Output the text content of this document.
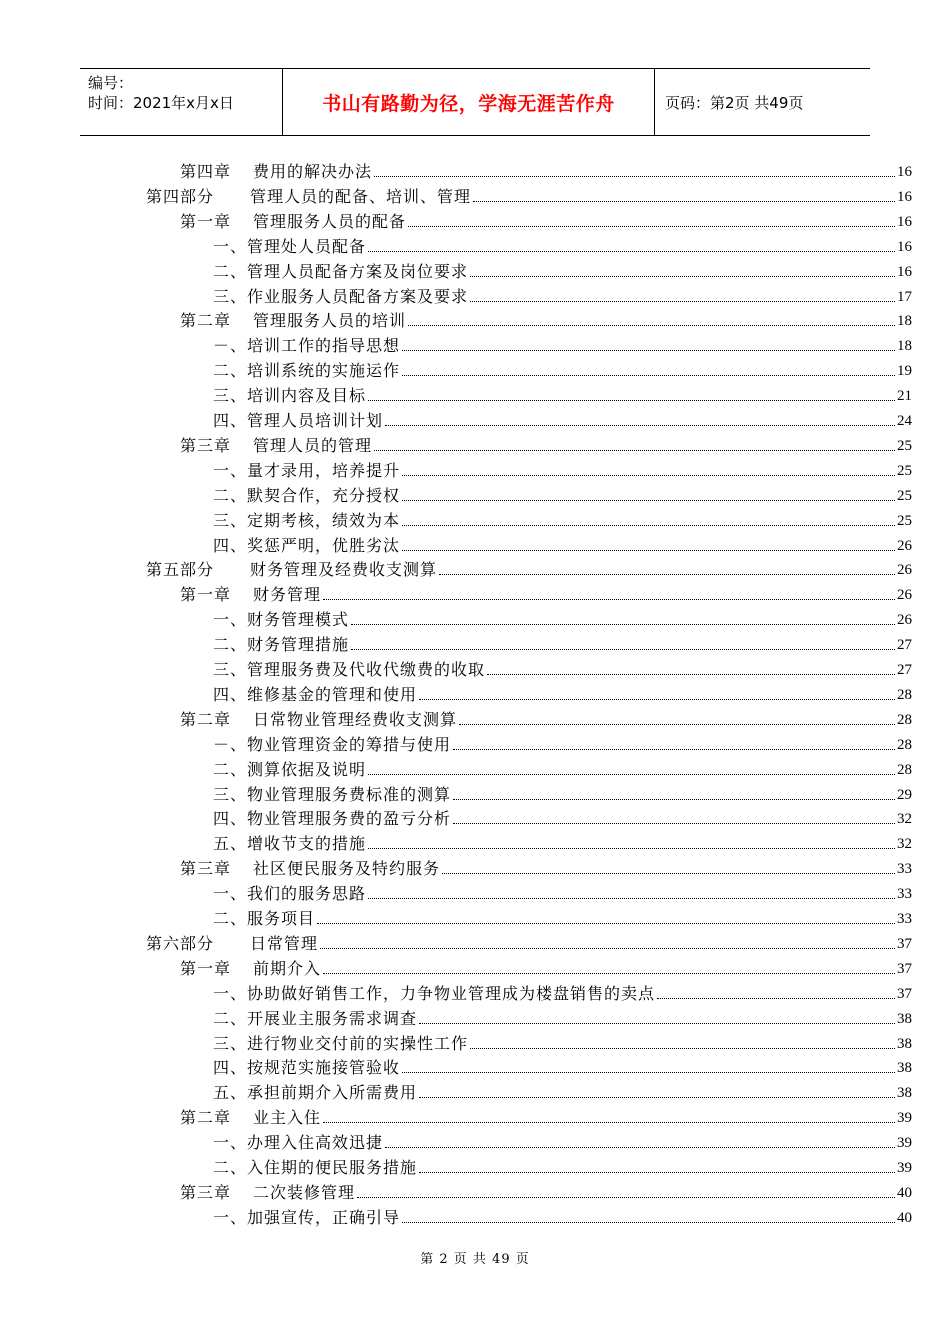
编号：
时间：2021年x月x日	书山有路勤为径，学海无涯苦作舟	页码：第2页 共49页
第四章 费用的解决办法	16
第四部分 管理人员的配备、培训、管理	16
第一章 管理服务人员的配备	16
一、管理处人员配备	16
二、管理人员配备方案及岗位要求	16
三、作业服务人员配备方案及要求	17
第二章 管理服务人员的培训	18
－、培训工作的指导思想	18
二、培训系统的实施运作	19
三、培训内容及目标	21
四、管理人员培训计划	24
第三章 管理人员的管理	25
一、量才录用，培养提升	25
二、默契合作，充分授权	25
三、定期考核，绩效为本	25
四、奖惩严明，优胜劣汰	26
第五部分 财务管理及经费收支测算	26
第一章 财务管理	26
一、财务管理模式	26
二、财务管理措施	27
三、管理服务费及代收代缴费的收取	27
四、维修基金的管理和使用	28
第二章 日常物业管理经费收支测算	28
－、物业管理资金的筹措与使用	28
二、测算依据及说明	28
三、物业管理服务费标准的测算	29
四、物业管理服务费的盈亏分析	32
五、增收节支的措施	32
第三章 社区便民服务及特约服务	33
一、我们的服务思路	33
二、服务项目	33
第六部分 日常管理	37
第一章 前期介入	37
一、协助做好销售工作，力争物业管理成为楼盘销售的卖点	37
二、开展业主服务需求调查	38
三、进行物业交付前的实操性工作	38
四、按规范实施接管验收	38
五、承担前期介入所需费用	38
第二章 业主入住	39
一、办理入住高效迅捷	39
二、入住期的便民服务措施	39
第三章 二次装修管理	40
一、加强宣传，正确引导	40
第 2 页 共 49 页
